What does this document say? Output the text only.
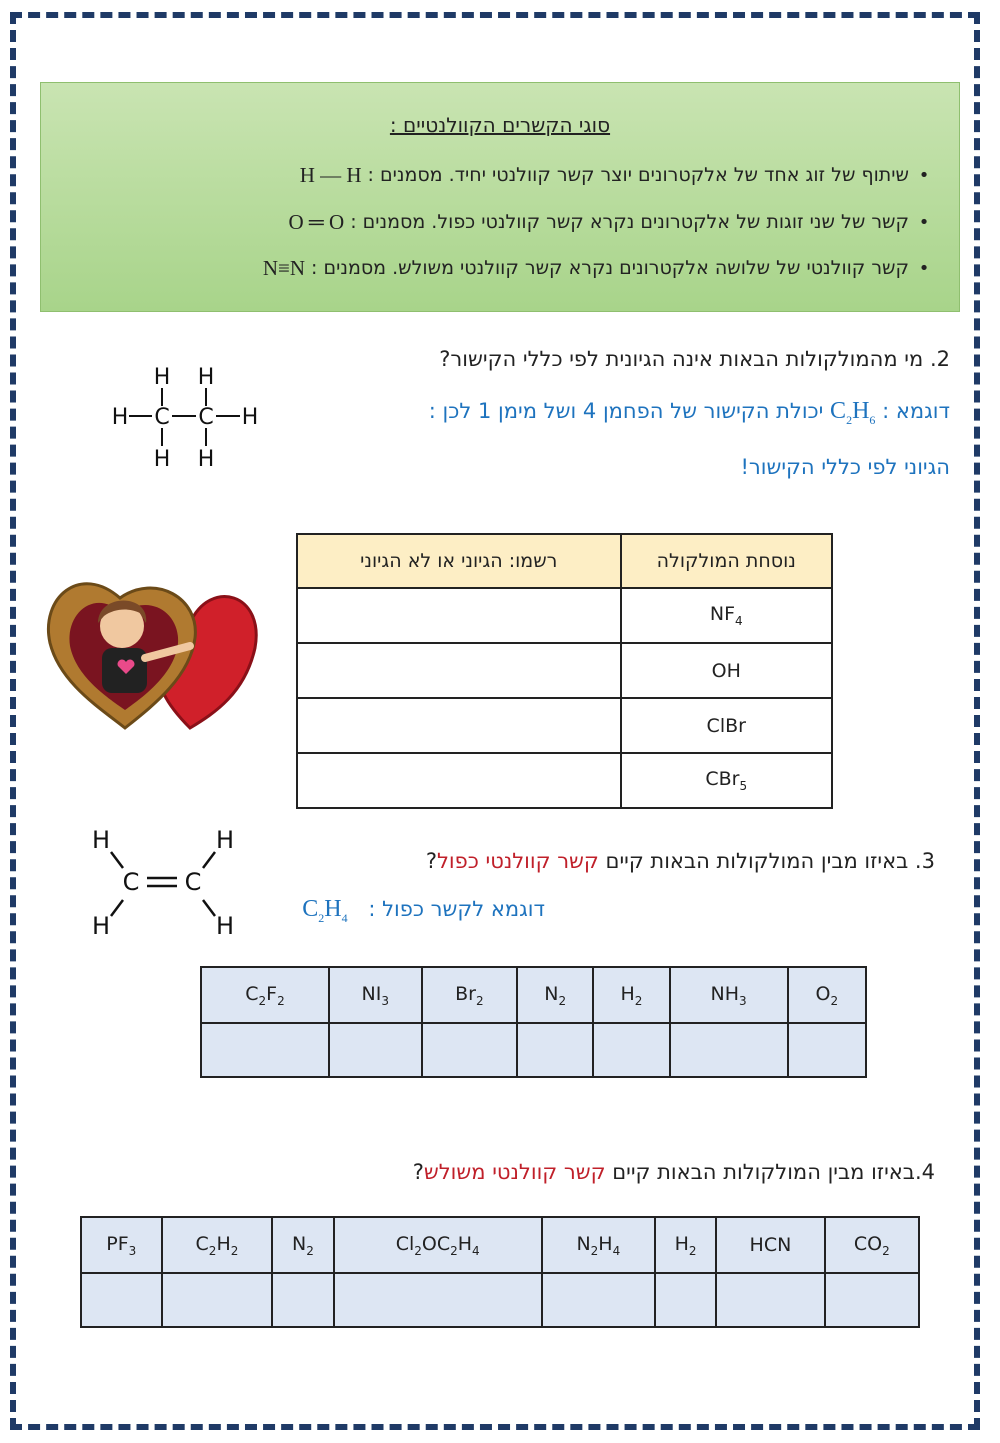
סוגי הקשרים הקוולנטיים :
•
שיתוף של זוג אחד של אלקטרונים יוצר קשר קוולנטי יחיד. מסמנים :
H — H
•
קשר של שני זוגות של אלקטרונים נקרא קשר קוולנטי כפול. מסמנים :
O ═ O
•
קשר קוולנטי של שלושה אלקטרונים נקרא קשר קוולנטי משולש. מסמנים :
N≡N
H H
H C C H
H H
2. מי מהמולקולות הבאות אינה הגיונית לפי כללי הקישור?
דוגמא : $C_2H_6$ יכולת הקישור של הפחמן 4 ושל מימן 1 לכן :
הגיוני לפי כללי הקישור!
רשמו: הגיוני או לא הגיוני	נוסחת המולקולה
	$NF_4$
	OH
	ClBr
	CBr$_5$
H	H
C C
H	H
3. באיזו מבין המולקולות הבאות קיים קשר קוולנטי כפול?
דוגמא לקשר כפול : $C_2H_4$
$C_2F_2$	$NI_3$	$Br_2$	$N_2$	$H_2$	$NH_3$	$O_2$

4.באיזו מבין המולקולות הבאות קיים קשר קוולנטי משולש?
$PF_3$	$C_2H_2$	$N_2$	$Cl_2OC_2H_4$	$N_2H_4$	$H_2$	HCN	$CO_2$
